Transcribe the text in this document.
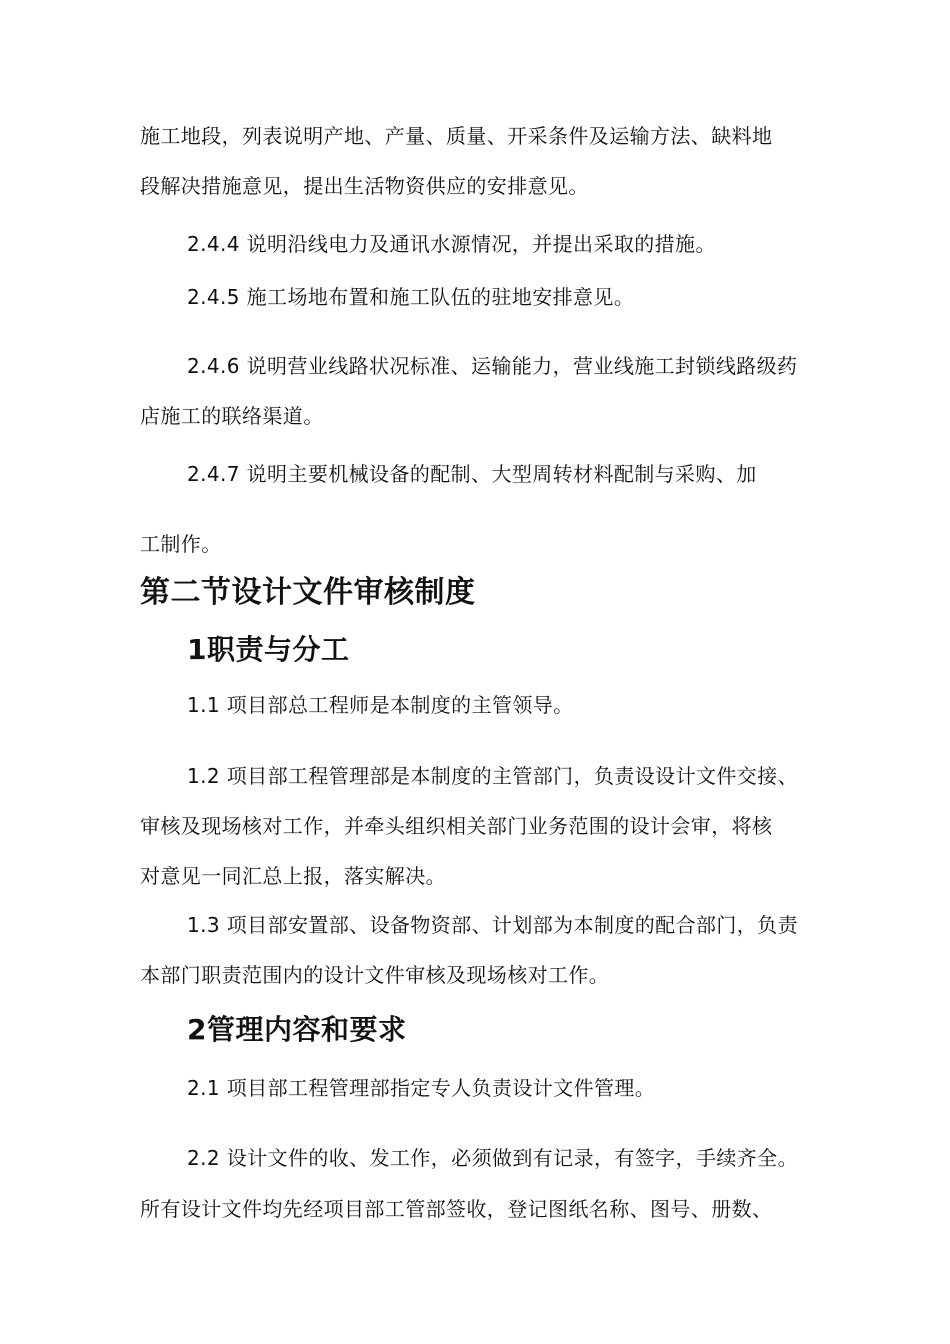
施工地段，列表说明产地、产量、质量、开采条件及运输方法、缺料地
段解决措施意见，提出生活物资供应的安排意见。
2.4.4 说明沿线电力及通讯水源情况，并提出采取的措施。
2.4.5 施工场地布置和施工队伍的驻地安排意见。
2.4.6 说明营业线路状况标准、运输能力，营业线施工封锁线路级药
店施工的联络渠道。
2.4.7 说明主要机械设备的配制、大型周转材料配制与采购、加
工制作。
第二节设计文件审核制度
1职责与分工
1.1 项目部总工程师是本制度的主管领导。
1.2 项目部工程管理部是本制度的主管部门，负责设设计文件交接、
审核及现场核对工作，并牵头组织相关部门业务范围的设计会审，将核
对意见一同汇总上报，落实解决。
1.3 项目部安置部、设备物资部、计划部为本制度的配合部门，负责
本部门职责范围内的设计文件审核及现场核对工作。
2管理内容和要求
2.1 项目部工程管理部指定专人负责设计文件管理。
2.2 设计文件的收、发工作，必须做到有记录，有签字，手续齐全。
所有设计文件均先经项目部工管部签收，登记图纸名称、图号、册数、
